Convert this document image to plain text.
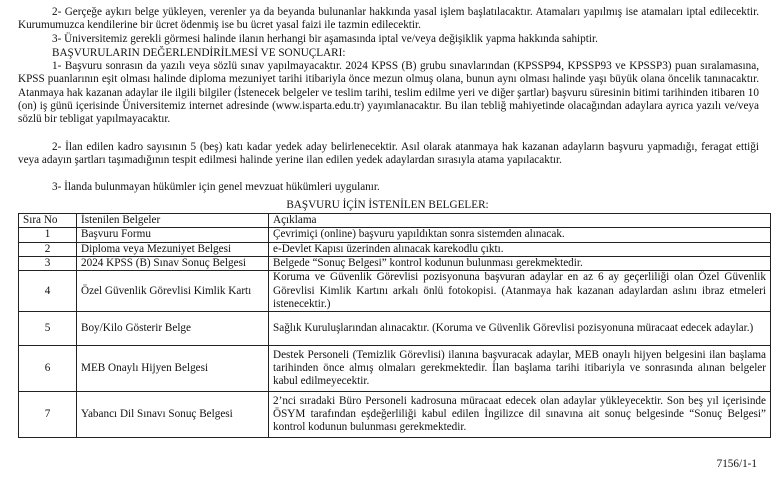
2- Gerçeğe aykırı belge yükleyen, verenler ya da beyanda bulunanlar hakkında yasal işlem başlatılacaktır. Atamaları yapılmış ise atamaları iptal edilecektir. Kurumumuzca kendilerine bir ücret ödenmiş ise bu ücret yasal faizi ile tazmin edilecektir.

3- Üniversitemiz gerekli görmesi halinde ilanın herhangi bir aşamasında iptal ve/veya değişiklik yapma hakkında sahiptir.

BAŞVURULARIN DEĞERLENDİRİLMESİ VE SONUÇLARI:

1- Başvuru sonrasın da yazılı veya sözlü sınav yapılmayacaktır. 2024 KPSS (B) grubu sınavlarından (KPSSP94, KPSSP93 ve KPSSP3) puan sıralamasına, KPSS puanlarının eşit olması halinde diploma mezuniyet tarihi itibariyla önce mezun olmuş olana, bunun aynı olması halinde yaşı büyük olana öncelik tanınacaktır. Atanmaya hak kazanan adaylar ile ilgili bilgiler (İstenecek belgeler ve teslim tarihi, teslim edilme yeri ve diğer şartlar) başvuru süresinin bitimi tarihinden itibaren 10 (on) iş günü içerisinde Üniversitemiz internet adresinde (www.isparta.edu.tr) yayımlanacaktır. Bu ilan tebliğ mahiyetinde olacağından adaylara ayrıca yazılı ve/veya sözlü bir tebligat yapılmayacaktır.

2- İlan edilen kadro sayısının 5 (beş) katı kadar yedek aday belirlenecektir. Asıl olarak atanmaya hak kazanan adayların başvuru yapmadığı, feragat ettiği veya adayın şartları taşımadığının tespit edilmesi halinde yerine ilan edilen yedek adaylardan sırasıyla atama yapılacaktır.

3- İlanda bulunmayan hükümler için genel mevzuat hükümleri uygulanır.

BAŞVURU İÇİN İSTENİLEN BELGELER:

Sıra No	İstenilen Belgeler	Açıklama
1	Başvuru Formu	Çevrimiçi (online) başvuru yapıldıktan sonra sistemden alınacak.
2	Diploma veya Mezuniyet Belgesi	e-Devlet Kapısı üzerinden alınacak karekodlu çıktı.
3	2024 KPSS (B) Sınav Sonuç Belgesi	Belgede “Sonuç Belgesi” kontrol kodunun bulunması gerekmektedir.
4	Özel Güvenlik Görevlisi Kimlik Kartı	Koruma ve Güvenlik Görevlisi pozisyonuna başvuran adaylar en az 6 ay geçerliliği olan Özel Güvenlik Görevlisi Kimlik Kartını arkalı önlü fotokopisi. (Atanmaya hak kazanan adaylardan aslını ibraz etmeleri istenecektir.)
5	Boy/Kilo Gösterir Belge	Sağlık Kuruluşlarından alınacaktır. (Koruma ve Güvenlik Görevlisi pozisyonuna müracaat edecek adaylar.)
6	MEB Onaylı Hijyen Belgesi	Destek Personeli (Temizlik Görevlisi) ilanına başvuracak adaylar, MEB onaylı hijyen belgesini ilan başlama tarihinden önce almış olmaları gerekmektedir. İlan başlama tarihi itibariyla ve sonrasında alınan belgeler kabul edilmeyecektir.
7	Yabancı Dil Sınavı Sonuç Belgesi	2’nci sıradaki Büro Personeli kadrosuna müracaat edecek olan adaylar yükleyecektir. Son beş yıl içerisinde ÖSYM tarafından eşdeğerliliği kabul edilen İngilizce dil sınavına ait sonuç belgesinde “Sonuç Belgesi” kontrol kodunun bulunması gerekmektedir.

7156/1-1
